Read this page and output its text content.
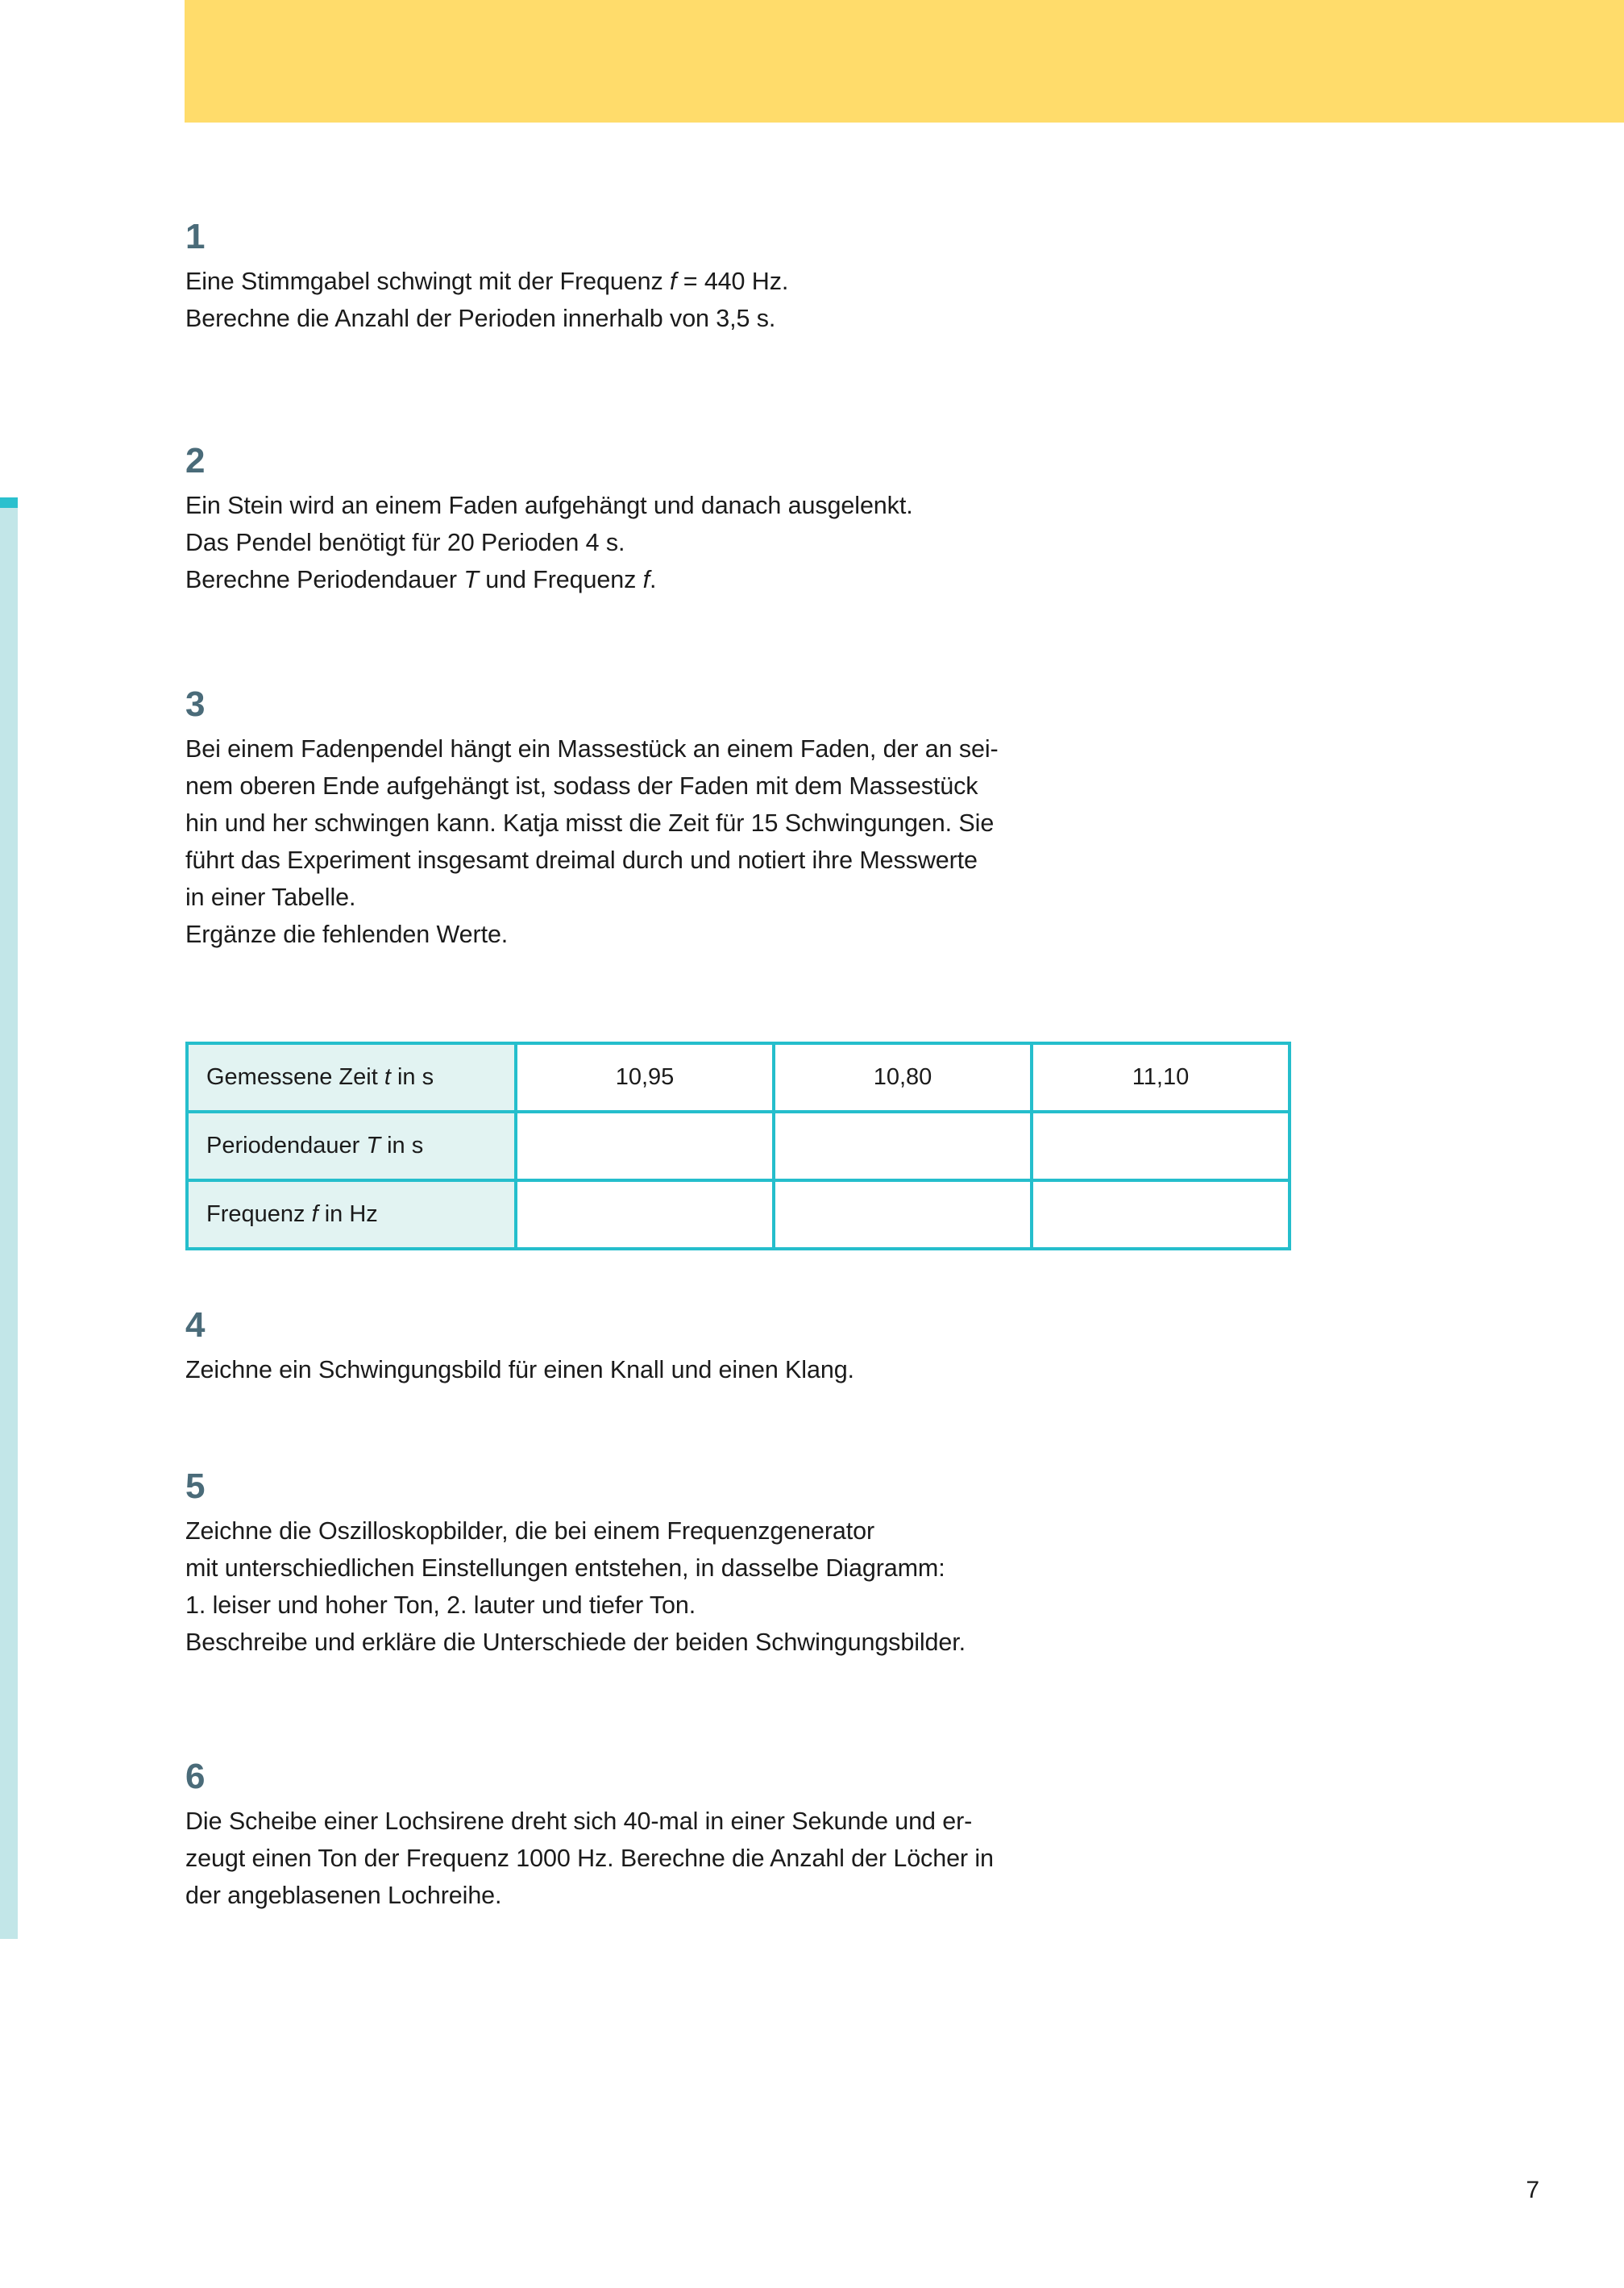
1
Eine Stimmgabel schwingt mit der Frequenz f = 440 Hz.
Berechne die Anzahl der Perioden innerhalb von 3,5 s.
2
Ein Stein wird an einem Faden aufgehängt und danach ausgelenkt.
Das Pendel benötigt für 20 Perioden 4 s.
Berechne Periodendauer T und Frequenz f.
3
Bei einem Fadenpendel hängt ein Massestück an einem Faden, der an sei-
nem oberen Ende aufgehängt ist, sodass der Faden mit dem Massestück
hin und her schwingen kann. Katja misst die Zeit für 15 Schwingungen. Sie
führt das Experiment insgesamt dreimal durch und notiert ihre Messwerte
in einer Tabelle.
Ergänze die fehlenden Werte.
4
Zeichne ein Schwingungsbild für einen Knall und einen Klang.
5
Zeichne die Oszilloskopbilder, die bei einem Frequenzgenerator
mit unterschiedlichen Einstellungen entstehen, in dasselbe Diagramm:
1. leiser und hoher Ton, 2. lauter und tiefer Ton.
Beschreibe und erkläre die Unterschiede der beiden Schwingungsbilder.
6
Die Scheibe einer Lochsirene dreht sich 40-mal in einer Sekunde und er-
zeugt einen Ton der Frequenz 1000 Hz. Berechne die Anzahl der Löcher in
der angeblasenen Lochreihe.
Gemessene Zeit t in s	10,95	10,80	11,10
Periodendauer T in s			
Frequenz f in Hz			
7
